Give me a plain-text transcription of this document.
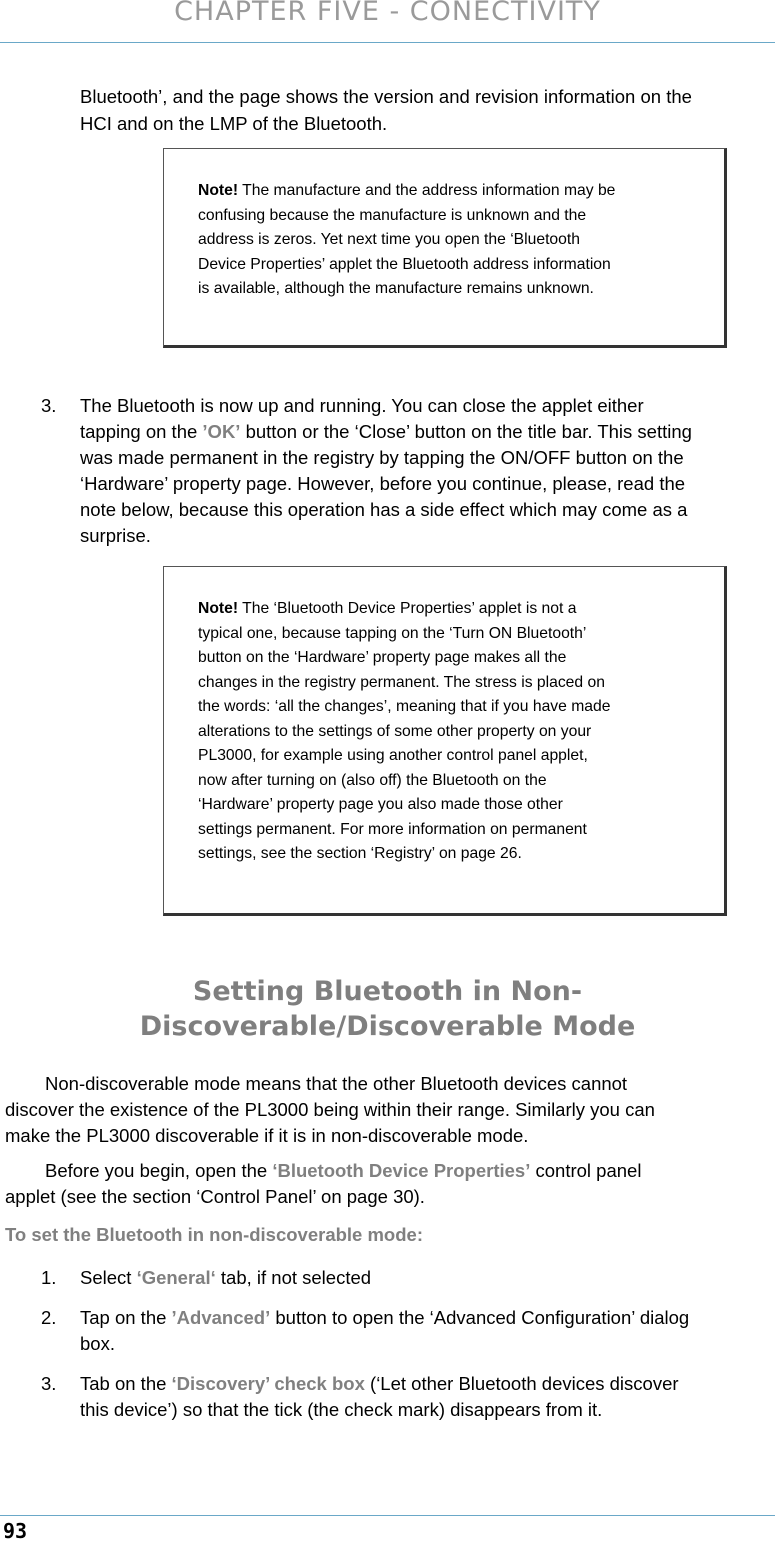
CHAPTER FIVE - CONECTIVITY

Bluetooth’, and the page shows the version and revision information on the

HCI and on the LMP of the Bluetooth.

Note! The manufacture and the address information may be
confusing because the manufacture is unknown and the
address is zeros. Yet next time you open the ‘Bluetooth
Device Properties’ applet the Bluetooth address information
is available, although the manufacture remains unknown.

3. The Bluetooth is now up and running. You can close the applet either

tapping on the ’OK’ button or the ‘Close’ button on the title bar. This setting

was made permanent in the registry by tapping the ON/OFF button on the

‘Hardware’ property page. However, before you continue, please, read the

note below, because this operation has a side effect which may come as a

surprise.

Note! The ‘Bluetooth Device Properties’ applet is not a
typical one, because tapping on the ‘Turn ON Bluetooth’
button on the ‘Hardware’ property page makes all the
changes in the registry permanent. The stress is placed on
the words: ‘all the changes’, meaning that if you have made
alterations to the settings of some other property on your
PL3000, for example using another control panel applet,
now after turning on (also off) the Bluetooth on the
‘Hardware’ property page you also made those other
settings permanent. For more information on permanent
settings, see the section ‘Registry’ on page 26.

Setting Bluetooth in Non-
Discoverable/Discoverable Mode

Non-discoverable mode means that the other Bluetooth devices cannot

discover the existence of the PL3000 being within their range. Similarly you can

make the PL3000 discoverable if it is in non-discoverable mode.

Before you begin, open the ‘Bluetooth Device Properties’ control panel

applet (see the section ‘Control Panel’ on page 30).

To set the Bluetooth in non-discoverable mode:
1. Select ‘General‘ tab, if not selected

2. Tap on the ’Advanced’ button to open the ‘Advanced Configuration’ dialog

box.

3. Tab on the ‘Discovery’ check box (‘Let other Bluetooth devices discover

this device’) so that the tick (the check mark) disappears from it.

93
